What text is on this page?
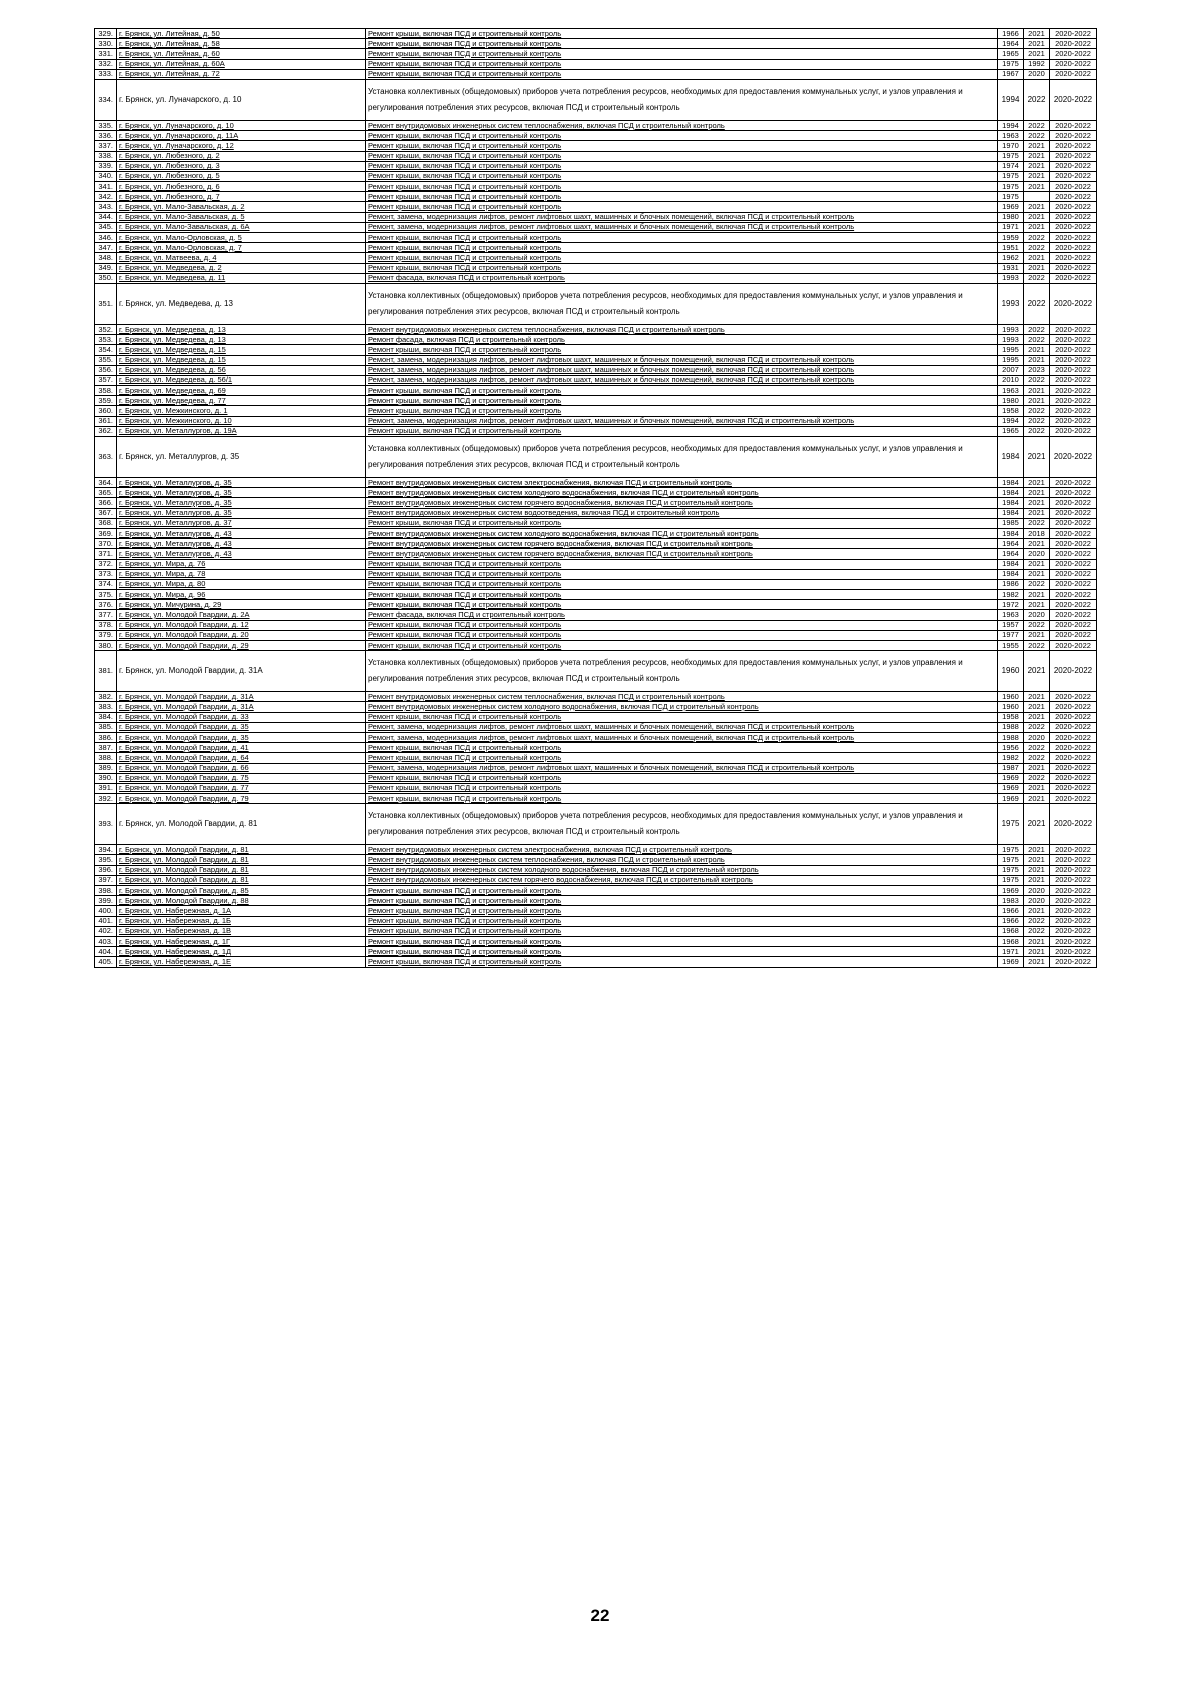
329.	г. Брянск, ул. Литейная, д. 50	Ремонт крыши, включая ПСД и строительный контроль	1966	2021	2020-2022		
330.	г. Брянск, ул. Литейная, д. 58	Ремонт крыши, включая ПСД и строительный контроль	1964	2021	2020-2022		
331.	г. Брянск, ул. Литейная, д. 60	Ремонт крыши, включая ПСД и строительный контроль	1965	2021	2020-2022		
332.	г. Брянск, ул. Литейная, д. 60А	Ремонт крыши, включая ПСД и строительный контроль	1975	1992	2020-2022		
333.	г. Брянск, ул. Литейная, д. 72	Ремонт крыши, включая ПСД и строительный контроль	1967	2020	2020-2022		
334.	г. Брянск, ул. Луначарского, д. 10	Установка коллективных (общедомовых) приборов учета потребления ресурсов, необходимых для предоставления коммунальных услуг, и узлов управления и регулирования потребления этих ресурсов, включая ПСД и строительный контроль	1994	2022	2020-2022		
335.	г. Брянск, ул. Луначарского, д. 10	Ремонт внутридомовых инженерных систем теплоснабжения, включая ПСД и строительный контроль	1994	2022	2020-2022		
336.	г. Брянск, ул. Луначарского, д. 11А	Ремонт крыши, включая ПСД и строительный контроль	1963	2022	2020-2022		
337.	г. Брянск, ул. Луначарского, д. 12	Ремонт крыши, включая ПСД и строительный контроль	1970	2021	2020-2022		
338.	г. Брянск, ул. Любезного, д. 2	Ремонт крыши, включая ПСД и строительный контроль	1975	2021	2020-2022		
339.	г. Брянск, ул. Любезного, д. 3	Ремонт крыши, включая ПСД и строительный контроль	1974	2021	2020-2022		
340.	г. Брянск, ул. Любезного, д. 5	Ремонт крыши, включая ПСД и строительный контроль	1975	2021	2020-2022		
341.	г. Брянск, ул. Любезного, д. 6	Ремонт крыши, включая ПСД и строительный контроль	1975	2021	2020-2022		
342.	г. Брянск, ул. Любезного, д. 7	Ремонт крыши, включая ПСД и строительный контроль	1975		2020-2022		
343.	г. Брянск, ул. Мало-Завальская, д. 2	Ремонт крыши, включая ПСД и строительный контроль	1969	2021	2020-2022		
344.	г. Брянск, ул. Мало-Завальская, д. 5	Ремонт, замена, модернизация лифтов, ремонт лифтовых шахт, машинных и блочных помещений, включая ПСД и строительный контроль	1980	2021	2020-2022		
345.	г. Брянск, ул. Мало-Завальская, д. 6А	Ремонт, замена, модернизация лифтов, ремонт лифтовых шахт, машинных и блочных помещений, включая ПСД и строительный контроль	1971	2021	2020-2022		
346.	г. Брянск, ул. Мало-Орловская, д. 5	Ремонт крыши, включая ПСД и строительный контроль	1959	2022	2020-2022		
347.	г. Брянск, ул. Мало-Орловская, д. 7	Ремонт крыши, включая ПСД и строительный контроль	1951	2022	2020-2022		
348.	г. Брянск, ул. Матвеева, д. 4	Ремонт крыши, включая ПСД и строительный контроль	1962	2021	2020-2022		
349.	г. Брянск, ул. Медведева, д. 2	Ремонт крыши, включая ПСД и строительный контроль	1931	2021	2020-2022		
350.	г. Брянск, ул. Медведева, д. 11	Ремонт фасада, включая ПСД и строительный контроль	1993	2022	2020-2022		
351.	г. Брянск, ул. Медведева, д. 13	Установка коллективных (общедомовых) приборов учета потребления ресурсов, необходимых для предоставления коммунальных услуг, и узлов управления и регулирования потребления этих ресурсов, включая ПСД и строительный контроль	1993	2022	2020-2022		
352.	г. Брянск, ул. Медведева, д. 13	Ремонт внутридомовых инженерных систем теплоснабжения, включая ПСД и строительный контроль	1993	2022	2020-2022		
353.	г. Брянск, ул. Медведева, д. 13	Ремонт фасада, включая ПСД и строительный контроль	1993	2022	2020-2022		
354.	г. Брянск, ул. Медведева, д. 15	Ремонт крыши, включая ПСД и строительный контроль	1995	2021	2020-2022		
355.	г. Брянск, ул. Медведева, д. 15	Ремонт, замена, модернизация лифтов, ремонт лифтовых шахт, машинных и блочных помещений, включая ПСД и строительный контроль	1995	2021	2020-2022		
356.	г. Брянск, ул. Медведева, д. 56	Ремонт, замена, модернизация лифтов, ремонт лифтовых шахт, машинных и блочных помещений, включая ПСД и строительный контроль	2007	2023	2020-2022		
357.	г. Брянск, ул. Медведева, д. 56/1	Ремонт, замена, модернизация лифтов, ремонт лифтовых шахт, машинных и блочных помещений, включая ПСД и строительный контроль	2010	2022	2020-2022		
358.	г. Брянск, ул. Медведева, д. 69	Ремонт крыши, включая ПСД и строительный контроль	1963	2021	2020-2022		
359.	г. Брянск, ул. Медведева, д. 77	Ремонт крыши, включая ПСД и строительный контроль	1980	2021	2020-2022		
360.	г. Брянск, ул. Межкинского, д. 1	Ремонт крыши, включая ПСД и строительный контроль	1958	2022	2020-2022		
361.	г. Брянск, ул. Межкинского, д. 10	Ремонт, замена, модернизация лифтов, ремонт лифтовых шахт, машинных и блочных помещений, включая ПСД и строительный контроль	1994	2022	2020-2022		
362.	г. Брянск, ул. Металлургов, д. 19А	Ремонт крыши, включая ПСД и строительный контроль	1965	2022	2020-2022		
363.	г. Брянск, ул. Металлургов, д. 35	Установка коллективных (общедомовых) приборов учета потребления ресурсов, необходимых для предоставления коммунальных услуг, и узлов управления и регулирования потребления этих ресурсов, включая ПСД и строительный контроль	1984	2021	2020-2022		
364.	г. Брянск, ул. Металлургов, д. 35	Ремонт внутридомовых инженерных систем электроснабжения, включая ПСД и строительный контроль	1984	2021	2020-2022		
365.	г. Брянск, ул. Металлургов, д. 35	Ремонт внутридомовых инженерных систем холодного водоснабжения, включая ПСД и строительный контроль	1984	2021	2020-2022		
366.	г. Брянск, ул. Металлургов, д. 35	Ремонт внутридомовых инженерных систем горячего водоснабжения, включая ПСД и строительный контроль	1984	2021	2020-2022		
367.	г. Брянск, ул. Металлургов, д. 35	Ремонт внутридомовых инженерных систем водоотведения, включая ПСД и строительный контроль	1984	2021	2020-2022		
368.	г. Брянск, ул. Металлургов, д. 37	Ремонт крыши, включая ПСД и строительный контроль	1985	2022	2020-2022		
369.	г. Брянск, ул. Металлургов, д. 43	Ремонт внутридомовых инженерных систем холодного водоснабжения, включая ПСД и строительный контроль	1984	2018	2020-2022		
370.	г. Брянск, ул. Металлургов, д. 43	Ремонт внутридомовых инженерных систем горячего водоснабжения, включая ПСД и строительный контроль	1964	2021	2020-2022		
371.	г. Брянск, ул. Металлургов, д. 43	Ремонт внутридомовых инженерных систем горячего водоснабжения, включая ПСД и строительный контроль	1964	2020	2020-2022		
372.	г. Брянск, ул. Мира, д. 76	Ремонт крыши, включая ПСД и строительный контроль	1984	2021	2020-2022		
373.	г. Брянск, ул. Мира, д. 78	Ремонт крыши, включая ПСД и строительный контроль	1984	2021	2020-2022		
374.	г. Брянск, ул. Мира, д. 80	Ремонт крыши, включая ПСД и строительный контроль	1986	2022	2020-2022		
375.	г. Брянск, ул. Мира, д. 96	Ремонт крыши, включая ПСД и строительный контроль	1982	2021	2020-2022		
376.	г. Брянск, ул. Мичурина, д. 29	Ремонт крыши, включая ПСД и строительный контроль	1972	2021	2020-2022		
377.	г. Брянск, ул. Молодой Гвардии, д. 2А	Ремонт фасада, включая ПСД и строительный контроль	1963	2020	2020-2022		
378.	г. Брянск, ул. Молодой Гвардии, д. 12	Ремонт крыши, включая ПСД и строительный контроль	1957	2022	2020-2022		
379.	г. Брянск, ул. Молодой Гвардии, д. 20	Ремонт крыши, включая ПСД и строительный контроль	1977	2021	2020-2022		
380.	г. Брянск, ул. Молодой Гвардии, д. 29	Ремонт крыши, включая ПСД и строительный контроль	1955	2022	2020-2022		
381.	г. Брянск, ул. Молодой Гвардии, д. 31А	Установка коллективных (общедомовых) приборов учета потребления ресурсов, необходимых для предоставления коммунальных услуг, и узлов управления и регулирования потребления этих ресурсов, включая ПСД и строительный контроль	1960	2021	2020-2022		
382.	г. Брянск, ул. Молодой Гвардии, д. 31А	Ремонт внутридомовых инженерных систем теплоснабжения, включая ПСД и строительный контроль	1960	2021	2020-2022		
383.	г. Брянск, ул. Молодой Гвардии, д. 31А	Ремонт внутридомовых инженерных систем холодного водоснабжения, включая ПСД и строительный контроль	1960	2021	2020-2022		
384.	г. Брянск, ул. Молодой Гвардии, д. 33	Ремонт крыши, включая ПСД и строительный контроль	1958	2021	2020-2022		
385.	г. Брянск, ул. Молодой Гвардии, д. 35	Ремонт, замена, модернизация лифтов, ремонт лифтовых шахт, машинных и блочных помещений, включая ПСД и строительный контроль	1988	2022	2020-2022		
386.	г. Брянск, ул. Молодой Гвардии, д. 35	Ремонт, замена, модернизация лифтов, ремонт лифтовых шахт, машинных и блочных помещений, включая ПСД и строительный контроль	1988	2020	2020-2022		
387.	г. Брянск, ул. Молодой Гвардии, д. 41	Ремонт крыши, включая ПСД и строительный контроль	1956	2022	2020-2022		
388.	г. Брянск, ул. Молодой Гвардии, д. 64	Ремонт крыши, включая ПСД и строительный контроль	1982	2022	2020-2022		
389.	г. Брянск, ул. Молодой Гвардии, д. 66	Ремонт, замена, модернизация лифтов, ремонт лифтовых шахт, машинных и блочных помещений, включая ПСД и строительный контроль	1987	2021	2020-2022		
390.	г. Брянск, ул. Молодой Гвардии, д. 75	Ремонт крыши, включая ПСД и строительный контроль	1969	2022	2020-2022		
391.	г. Брянск, ул. Молодой Гвардии, д. 77	Ремонт крыши, включая ПСД и строительный контроль	1969	2021	2020-2022		
392.	г. Брянск, ул. Молодой Гвардии, д. 79	Ремонт крыши, включая ПСД и строительный контроль	1969	2021	2020-2022		
393.	г. Брянск, ул. Молодой Гвардии, д. 81	Установка коллективных (общедомовых) приборов учета потребления ресурсов, необходимых для предоставления коммунальных услуг, и узлов управления и регулирования потребления этих ресурсов, включая ПСД и строительный контроль	1975	2021	2020-2022		
394.	г. Брянск, ул. Молодой Гвардии, д. 81	Ремонт внутридомовых инженерных систем электроснабжения, включая ПСД и строительный контроль	1975	2021	2020-2022		
395.	г. Брянск, ул. Молодой Гвардии, д. 81	Ремонт внутридомовых инженерных систем теплоснабжения, включая ПСД и строительный контроль	1975	2021	2020-2022		
396.	г. Брянск, ул. Молодой Гвардии, д. 81	Ремонт внутридомовых инженерных систем холодного водоснабжения, включая ПСД и строительный контроль	1975	2021	2020-2022		
397.	г. Брянск, ул. Молодой Гвардии, д. 81	Ремонт внутридомовых инженерных систем горячего водоснабжения, включая ПСД и строительный контроль	1975	2021	2020-2022		
398.	г. Брянск, ул. Молодой Гвардии, д. 85	Ремонт крыши, включая ПСД и строительный контроль	1969	2020	2020-2022		
399.	г. Брянск, ул. Молодой Гвардии, д. 88	Ремонт крыши, включая ПСД и строительный контроль	1983	2020	2020-2022		
400.	г. Брянск, ул. Набережная, д. 1А	Ремонт крыши, включая ПСД и строительный контроль	1966	2021	2020-2022		
401.	г. Брянск, ул. Набережная, д. 1Б	Ремонт крыши, включая ПСД и строительный контроль	1966	2022	2020-2022		
402.	г. Брянск, ул. Набережная, д. 1В	Ремонт крыши, включая ПСД и строительный контроль	1968	2022	2020-2022		
403.	г. Брянск, ул. Набережная, д. 1Г	Ремонт крыши, включая ПСД и строительный контроль	1968	2021	2020-2022		
404.	г. Брянск, ул. Набережная, д. 1Д	Ремонт крыши, включая ПСД и строительный контроль	1971	2021	2020-2022		
405.	г. Брянск, ул. Набережная, д. 1Е	Ремонт крыши, включая ПСД и строительный контроль	1969	2021	2020-2022		
22
